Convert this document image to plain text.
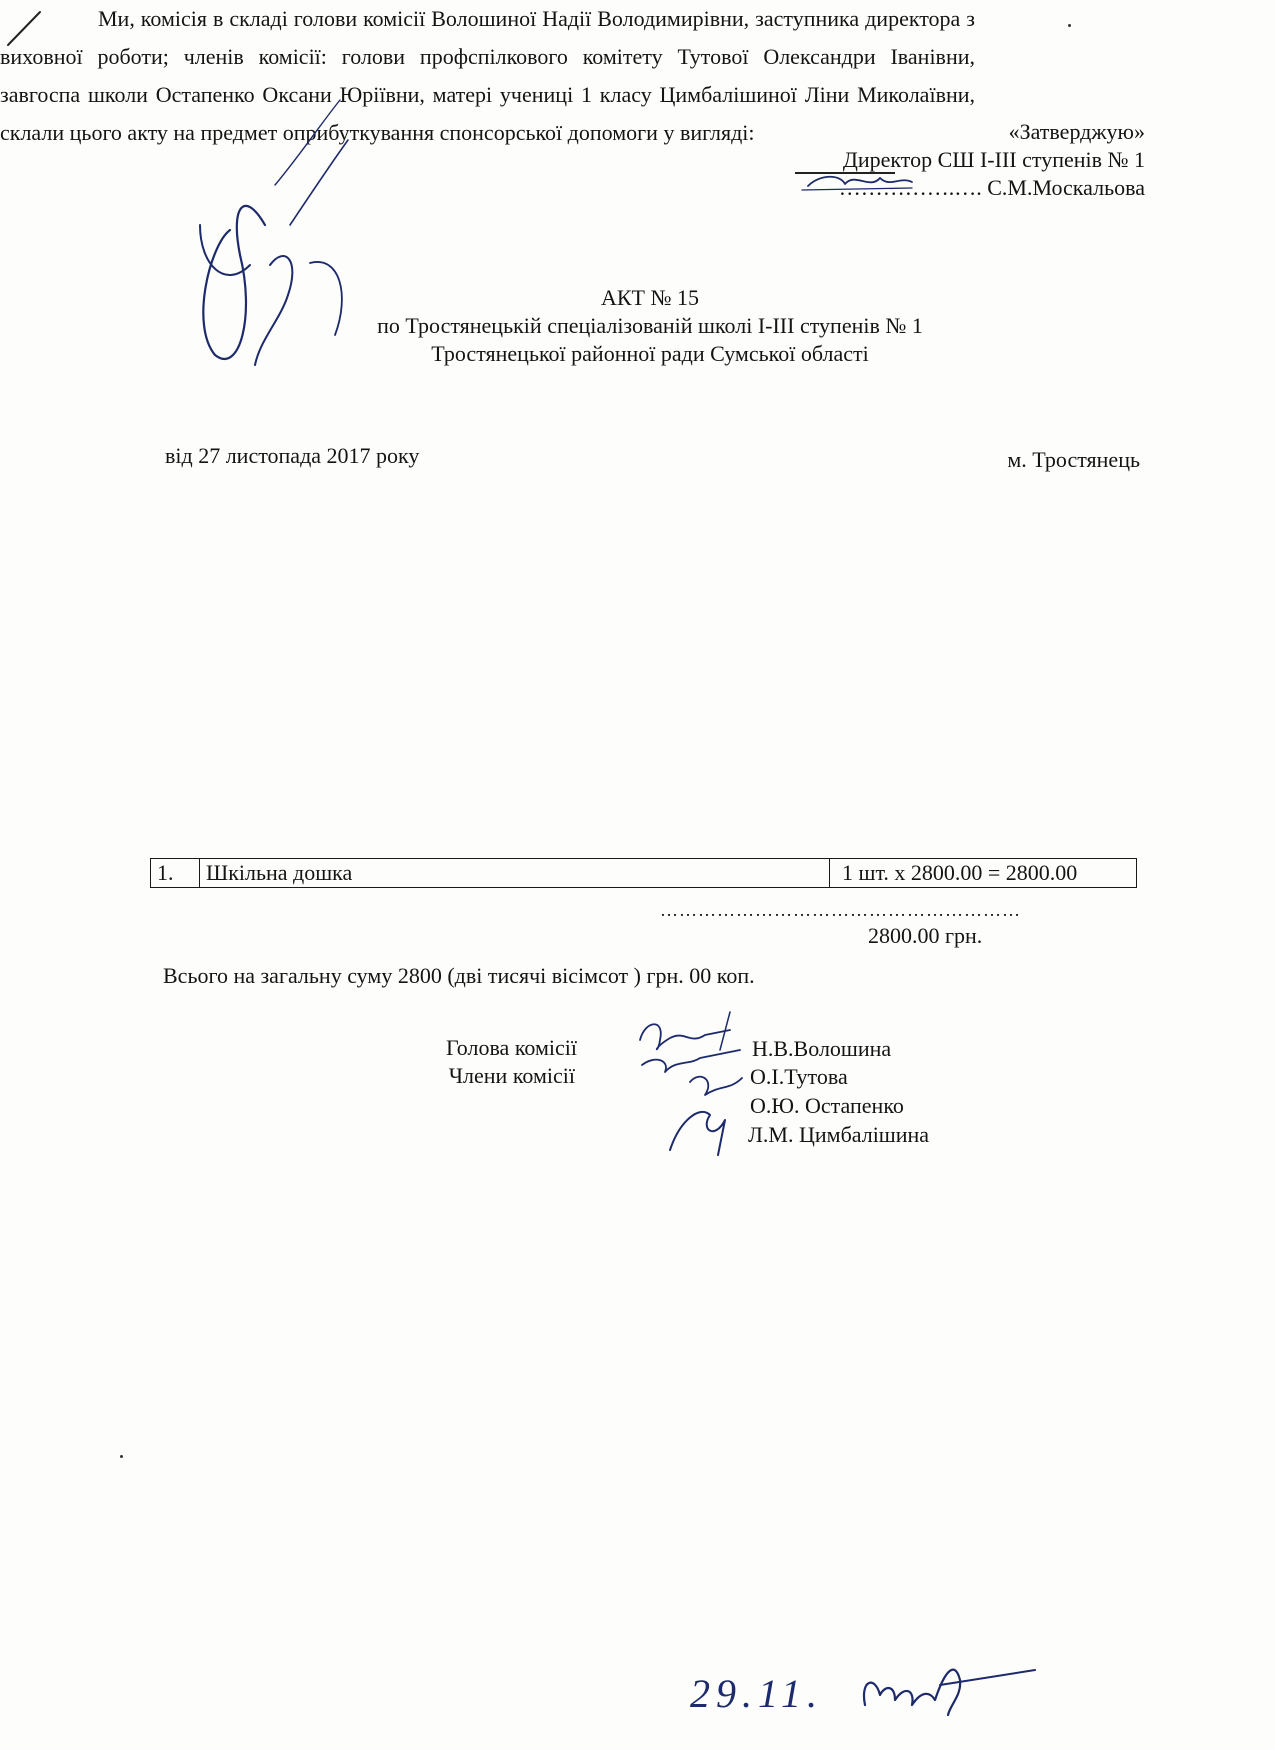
«Затверджую»
Директор СШ І-ІІІ ступенів № 1
…………….…. С.М.Москальова
АКТ № 15
по Тростянецькій спеціалізованій школі І-ІІІ ступенів № 1
Тростянецької районної ради Сумської області
від 27 листопада 2017 року	м. Тростянець

Ми, комісія в складі голови комісії Волошиної Надії Володимирівни, заступника директора з виховної роботи; членів комісії: голови профспілкового комітету Тутової Олександри Іванівни, завгоспа школи Остапенко Оксани Юріївни, матері учениці 1 класу Цимбалішиної Ліни Миколаївни, склали цього акту на предмет оприбуткування спонсорської допомоги у вигляді:

1.	Шкільна дошка	1 шт. х 2800.00 = 2800.00
…………………………………………………
2800.00 грн.
Всього на загальну суму 2800 (дві тисячі вісімсот ) грн. 00 коп.
Голова комісії
Члени комісії
Н.В.Волошина
О.І.Тутова
О.Ю. Остапенко
Л.М. Цимбалішина
29.11.
